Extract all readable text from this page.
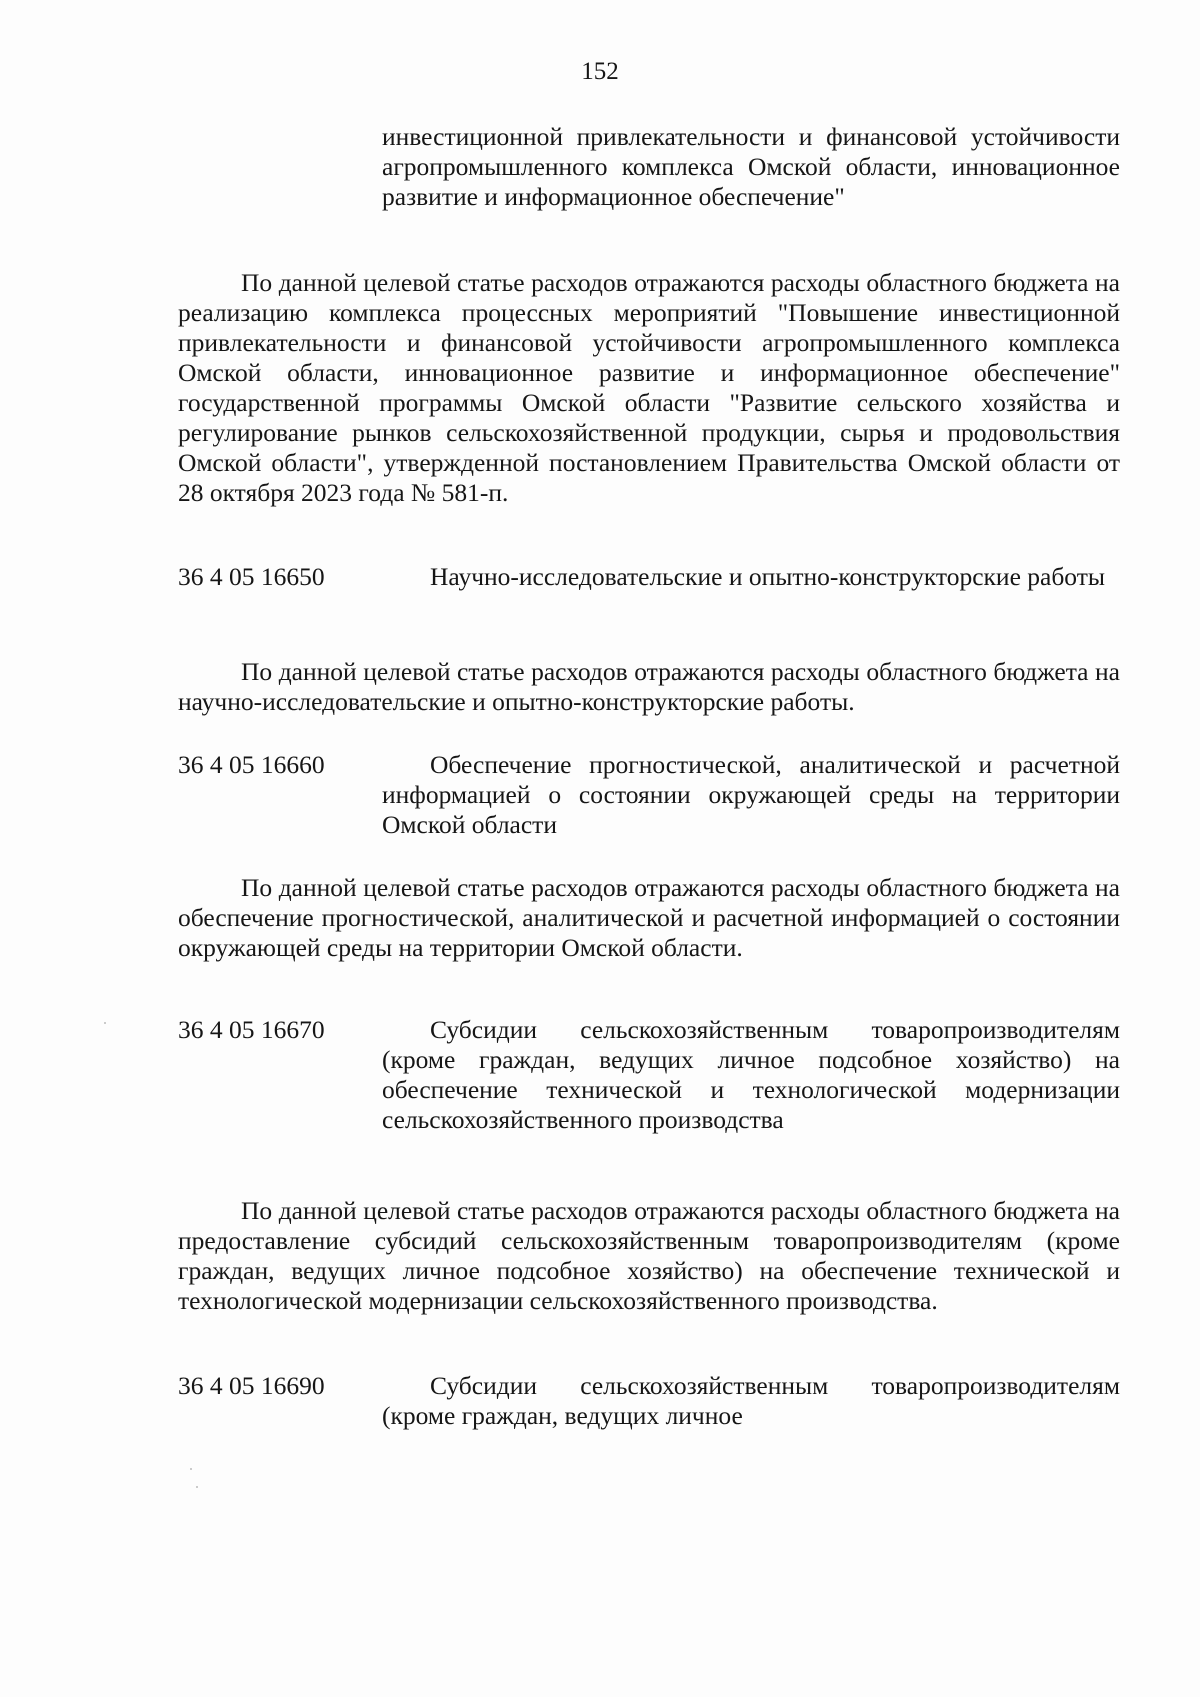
152
инвестиционной привлекательности и финансовой устойчивости агропромышленного комплекса Омской области, инновационное развитие и информационное обеспечение"
По данной целевой статье расходов отражаются расходы областного бюджета на реализацию комплекса процессных мероприятий "Повышение инвестиционной привлекательности и финансовой устойчивости агропромышленного комплекса Омской области, инновационное развитие и информационное обеспечение" государственной программы Омской области "Развитие сельского хозяйства и регулирование рынков сельскохозяйственной продукции, сырья и продовольствия Омской области", утвержденной постановлением Правительства Омской области от 28 октября 2023 года № 581-п.
36 4 05 16650	Научно-исследовательские и опытно-конструкторские работы
По данной целевой статье расходов отражаются расходы областного бюджета на научно-исследовательские и опытно-конструкторские работы.
36 4 05 16660	Обеспечение прогностической, аналитической и расчетной информацией о состоянии окружающей среды на территории Омской области
По данной целевой статье расходов отражаются расходы областного бюджета на обеспечение прогностической, аналитической и расчетной информацией о состоянии окружающей среды на территории Омской области.
36 4 05 16670	Субсидии сельскохозяйственным товаропроизводителям (кроме граждан, ведущих личное подсобное хозяйство) на обеспечение технической и технологической модернизации сельскохозяйственного производства
По данной целевой статье расходов отражаются расходы областного бюджета на предоставление субсидий сельскохозяйственным товаропроизводителям (кроме граждан, ведущих личное подсобное хозяйство) на обеспечение технической и технологической модернизации сельскохозяйственного производства.
36 4 05 16690	Субсидии сельскохозяйственным товаропроизводителям (кроме граждан, ведущих личное
